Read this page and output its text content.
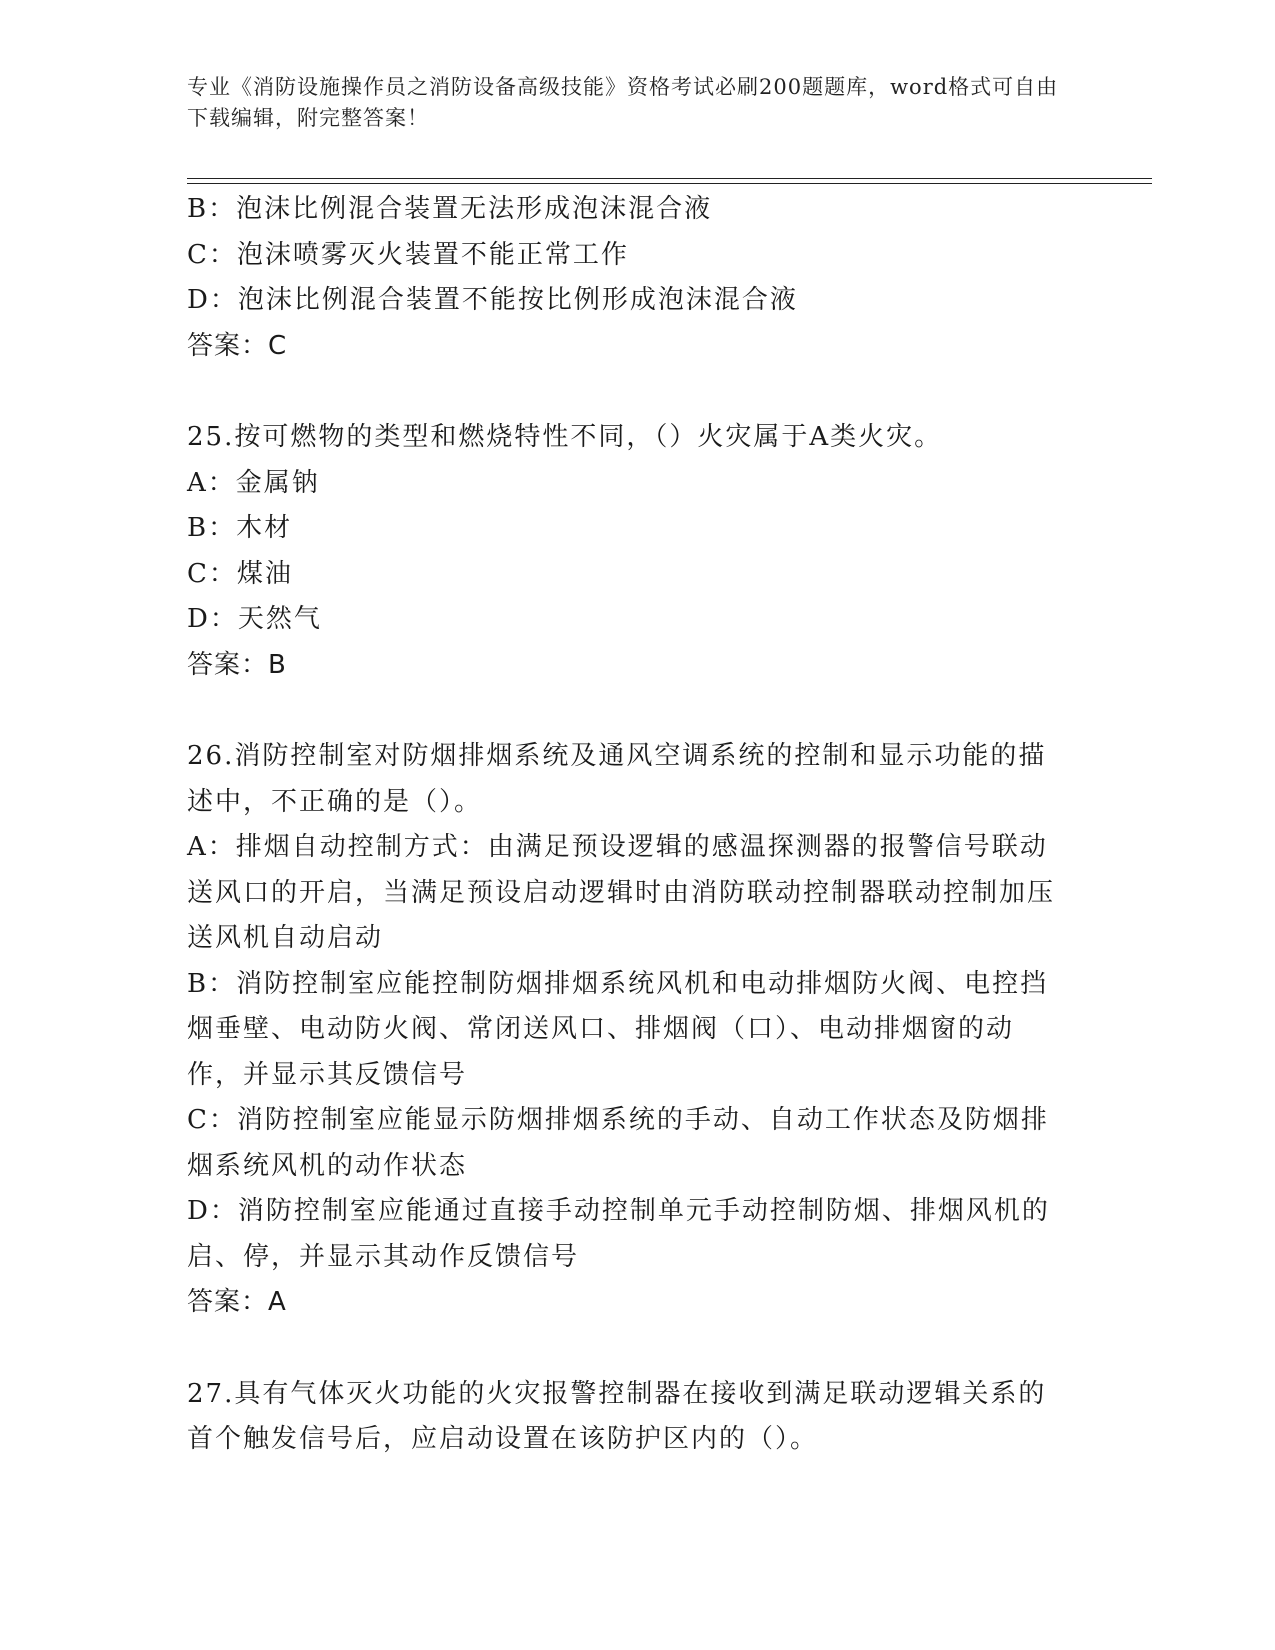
专业《消防设施操作员之消防设备高级技能》资格考试必刷200题题库，word格式可自由下载编辑，附完整答案！

B：泡沫比例混合装置无法形成泡沫混合液

C：泡沫喷雾灭火装置不能正常工作

D：泡沫比例混合装置不能按比例形成泡沫混合液

答案：C

25.按可燃物的类型和燃烧特性不同，（）火灾属于A类火灾。

A：金属钠

B：木材

C：煤油

D：天然气

答案：B

26.消防控制室对防烟排烟系统及通风空调系统的控制和显示功能的描述中，不正确的是（）。

A：排烟自动控制方式：由满足预设逻辑的感温探测器的报警信号联动送风口的开启，当满足预设启动逻辑时由消防联动控制器联动控制加压送风机自动启动

B：消防控制室应能控制防烟排烟系统风机和电动排烟防火阀、电控挡烟垂壁、电动防火阀、常闭送风口、排烟阀（口）、电动排烟窗的动作，并显示其反馈信号

C：消防控制室应能显示防烟排烟系统的手动、自动工作状态及防烟排烟系统风机的动作状态

D：消防控制室应能通过直接手动控制单元手动控制防烟、排烟风机的启、停，并显示其动作反馈信号

答案：A

27.具有气体灭火功能的火灾报警控制器在接收到满足联动逻辑关系的首个触发信号后，应启动设置在该防护区内的（）。
